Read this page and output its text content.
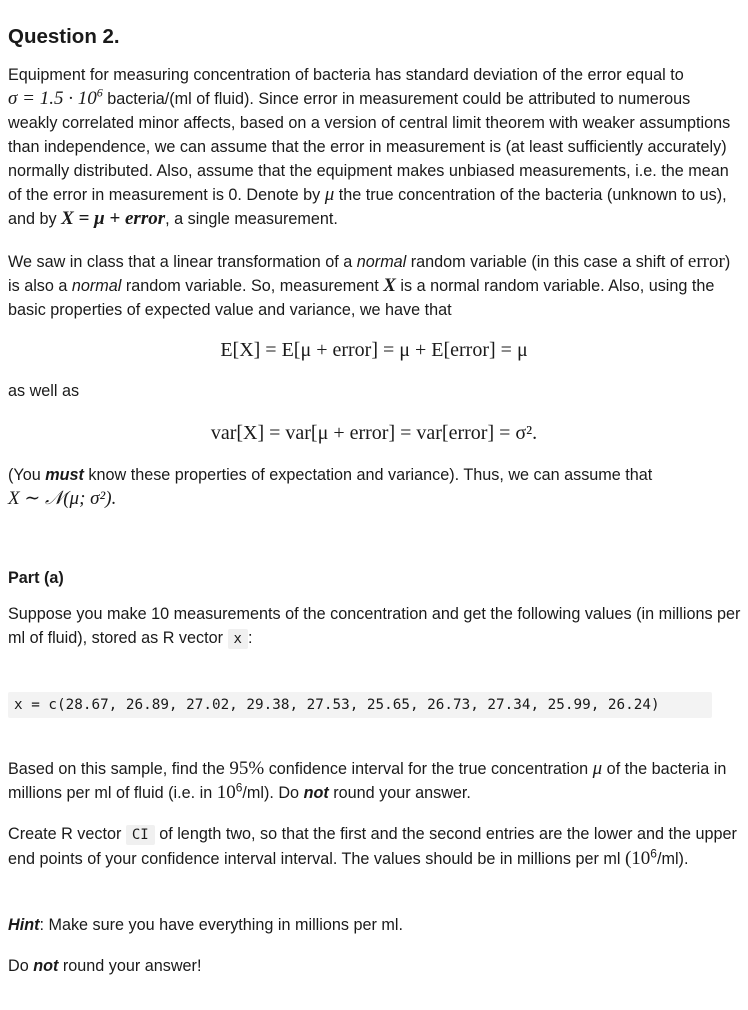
Question 2.

Equipment for measuring concentration of bacteria has standard deviation of the error equal to
$\sigma = 1.5 \cdot 10^6$ bacteria/(ml of fluid). Since error in measurement could be attributed to numerous weakly correlated minor affects, based on a version of central limit theorem with weaker assumptions than independence, we can assume that the error in measurement is (at least sufficiently accurately) normally distributed. Also, assume that the equipment makes unbiased measurements, i.e. the mean of the error in measurement is 0. Denote by μ the true concentration of the bacteria (unknown to us), and by X = μ + error, a single measurement.

We saw in class that a linear transformation of a normal random variable (in this case a shift of error) is also a normal random variable. So, measurement X is a normal random variable. Also, using the basic properties of expected value and variance, we have that

E[X] = E[μ + error] = μ + E[error] = μ

as well as

var[X] = var[μ + error] = var[error] = σ².

(You must know these properties of expectation and variance). Thus, we can assume that
X ∼ 𝒩(μ; σ²).

Part (a)

Suppose you make 10 measurements of the concentration and get the following values (in millions per ml of fluid), stored as R vector x :

x = c(28.67, 26.89, 27.02, 29.38, 27.53, 25.65, 26.73, 27.34, 25.99, 26.24)

Based on this sample, find the 95% confidence interval for the true concentration μ of the bacteria in millions per ml of fluid (i.e. in $10^6/ml$). Do not round your answer.

Create R vector CI of length two, so that the first and the second entries are the lower and the upper end points of your confidence interval interval. The values should be in millions per ml $(10^6/ml)$.

Hint: Make sure you have everything in millions per ml.

Do not round your answer!
